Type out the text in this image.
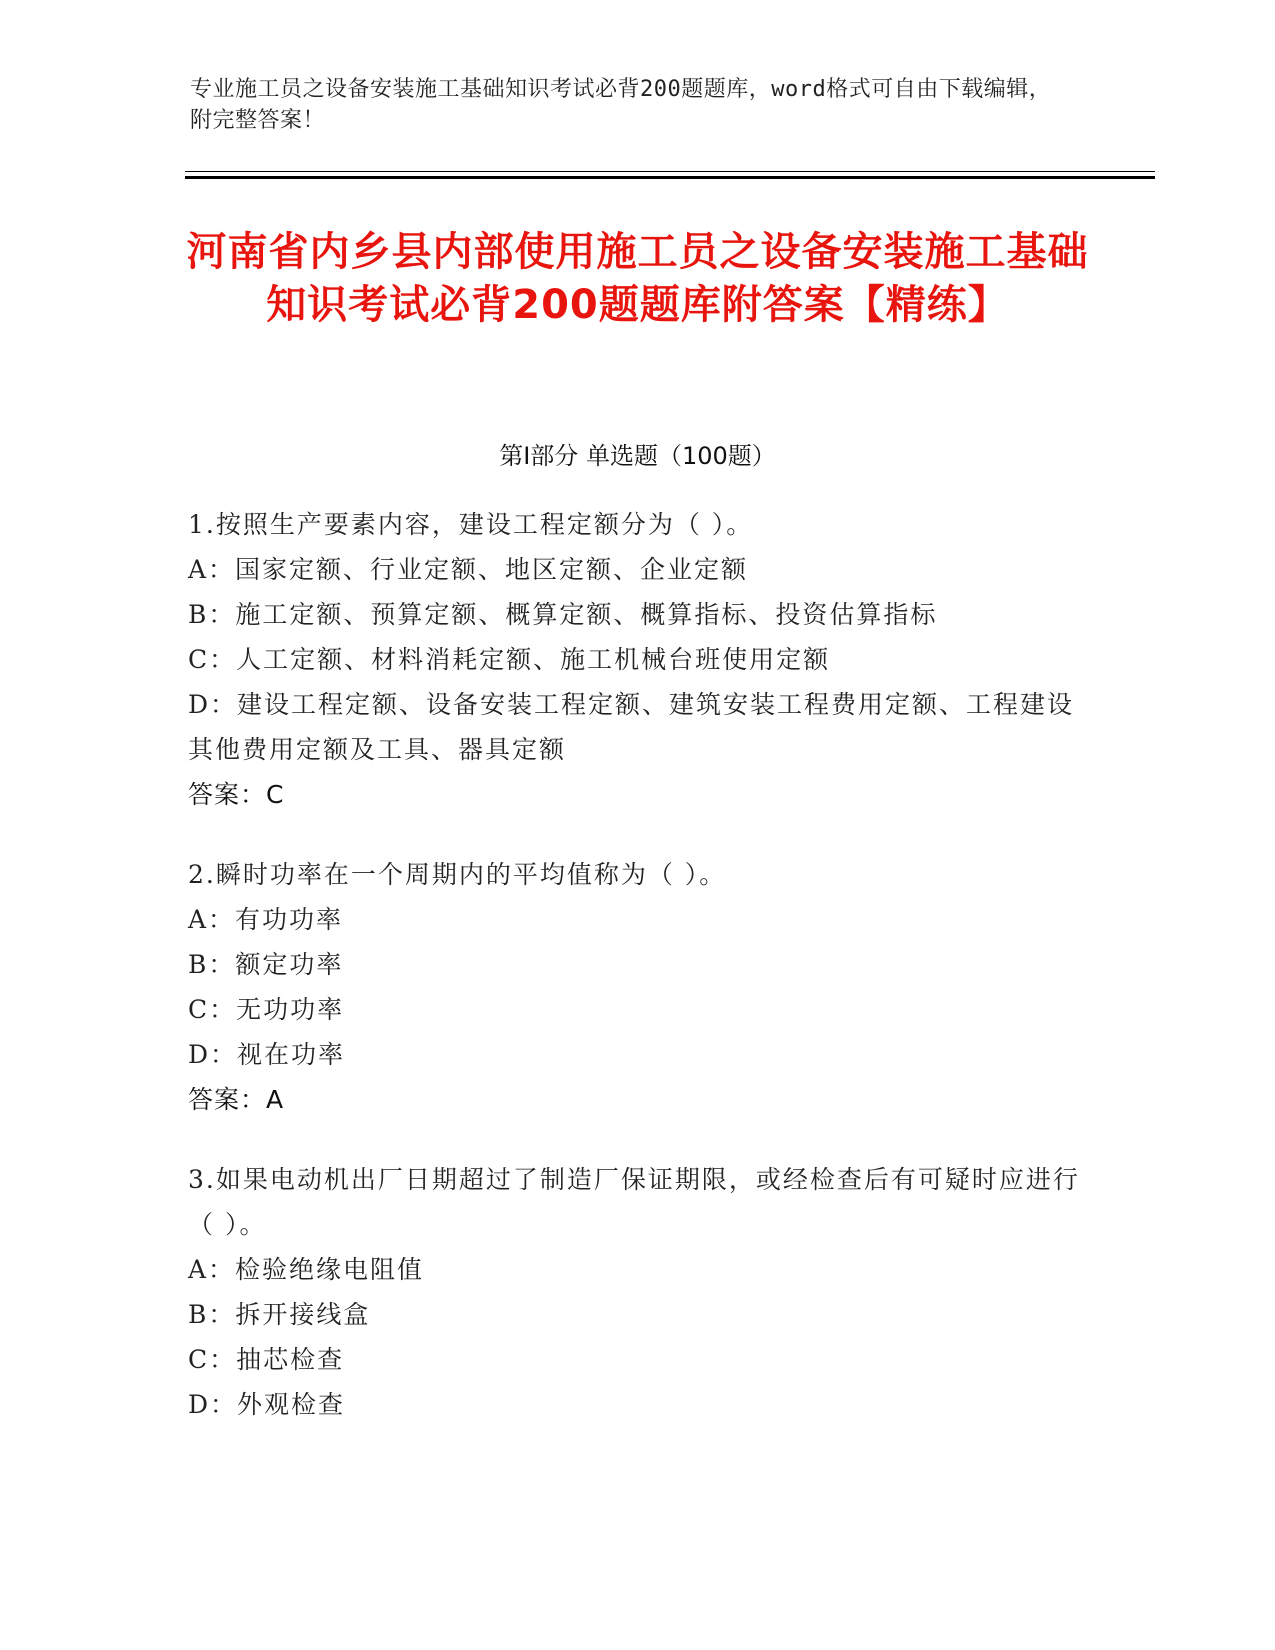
专业施工员之设备安装施工基础知识考试必背200题题库，word格式可自由下载编辑，附完整答案！
河南省内乡县内部使用施工员之设备安装施工基础知识考试必背200题题库附答案【精练】
第Ⅰ部分 单选题（100题）
1.按照生产要素内容，建设工程定额分为（ ）。
A：国家定额、行业定额、地区定额、企业定额
B：施工定额、预算定额、概算定额、概算指标、投资估算指标
C：人工定额、材料消耗定额、施工机械台班使用定额
D：建设工程定额、设备安装工程定额、建筑安装工程费用定额、工程建设其他费用定额及工具、器具定额
答案：C
2.瞬时功率在一个周期内的平均值称为（ ）。
A：有功功率
B：额定功率
C：无功功率
D：视在功率
答案：A
3.如果电动机出厂日期超过了制造厂保证期限，或经检查后有可疑时应进行（ ）。
A：检验绝缘电阻值
B：拆开接线盒
C：抽芯检查
D：外观检查
